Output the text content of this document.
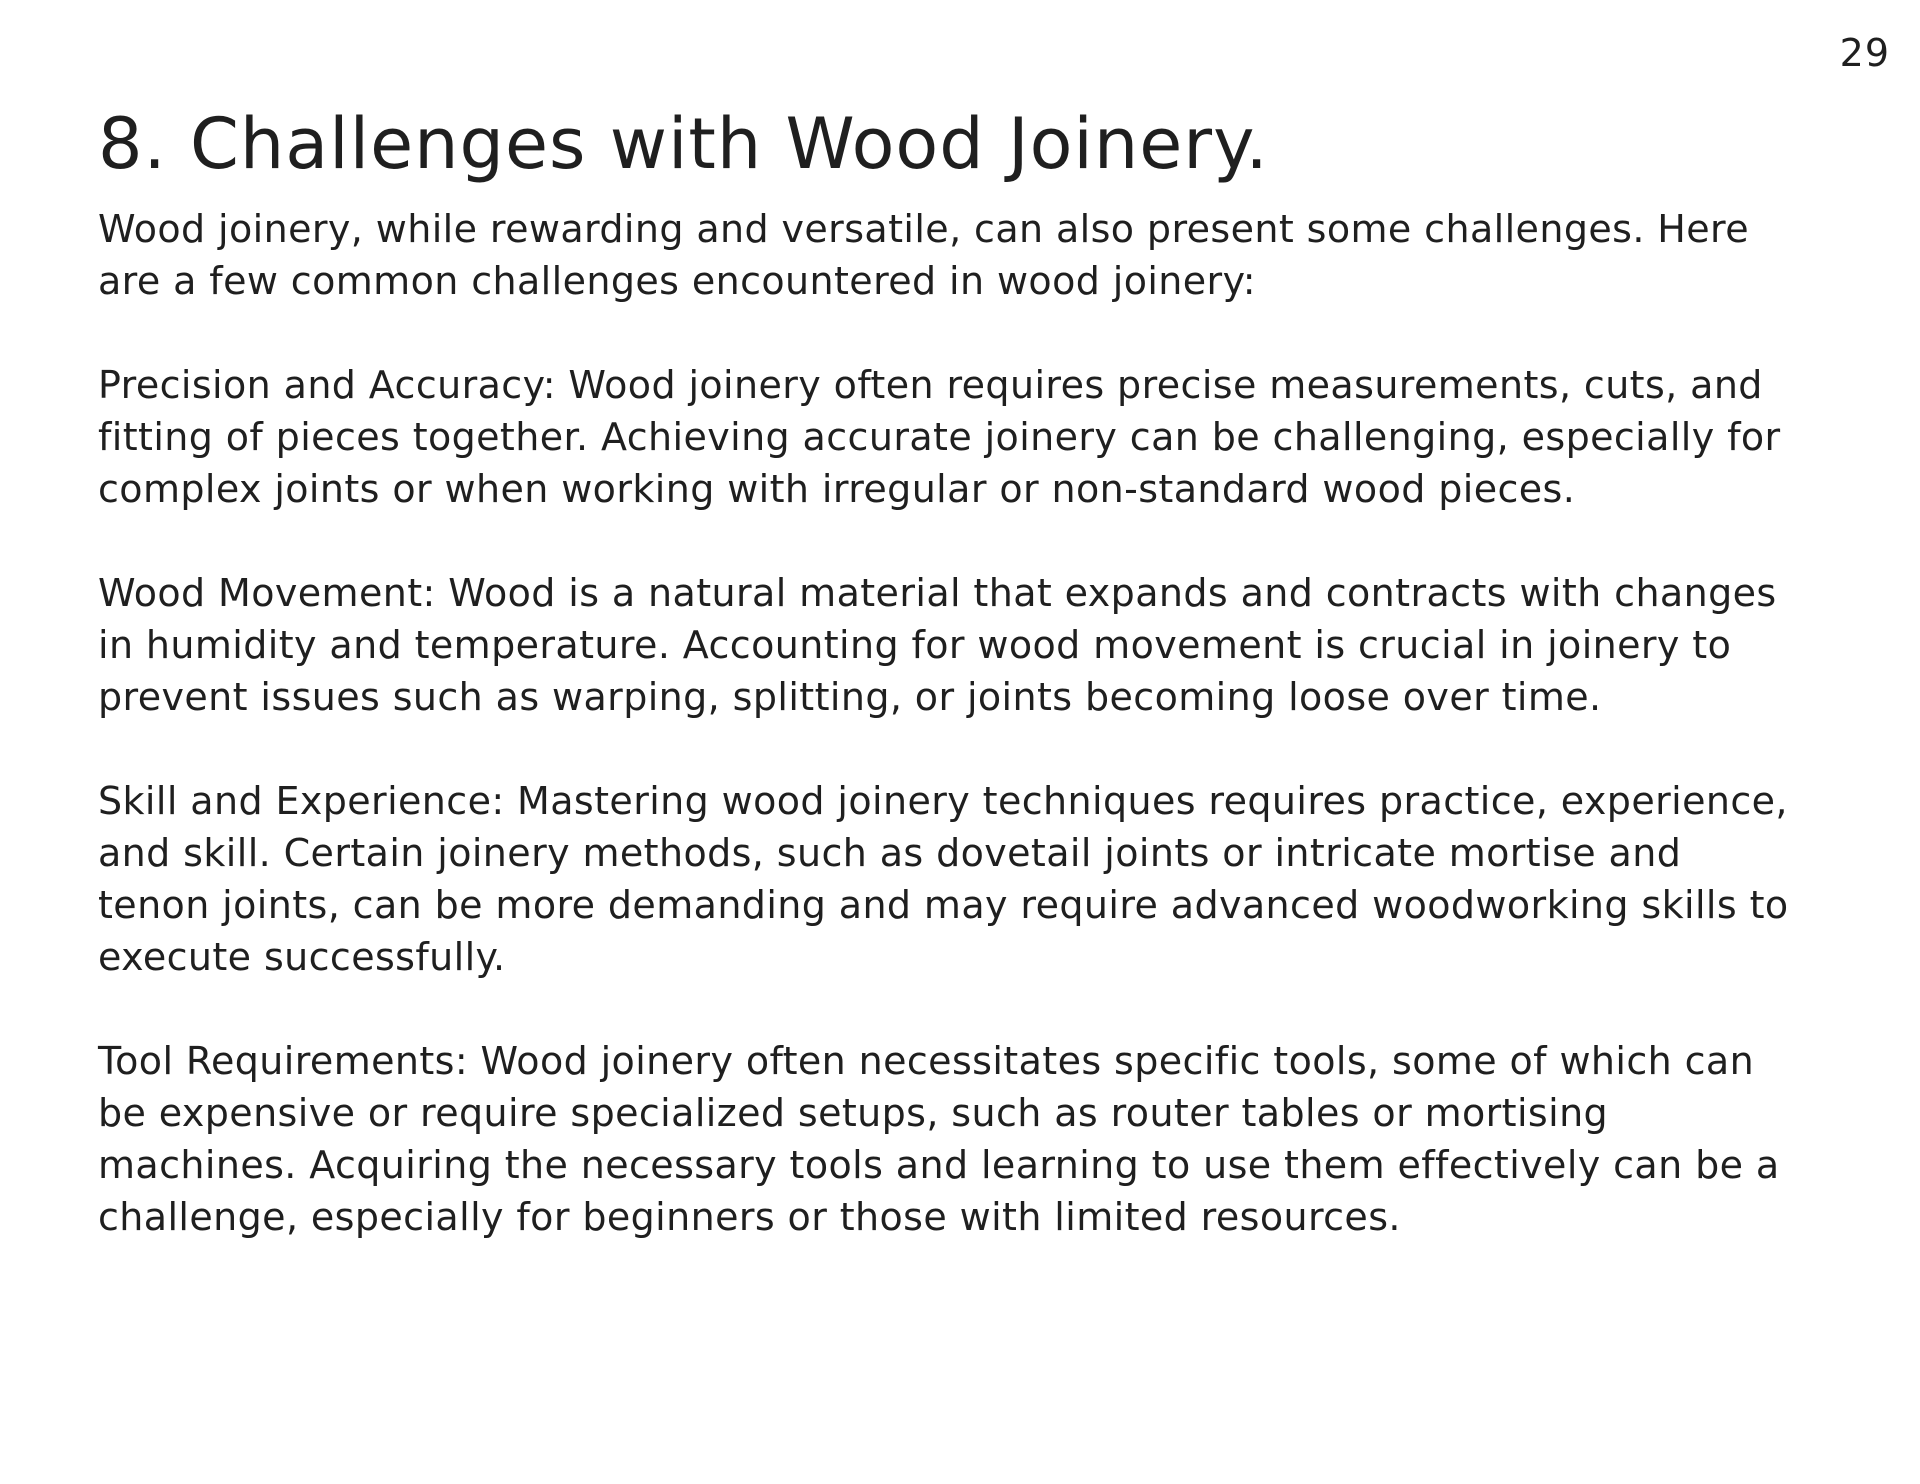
29
8. Challenges with Wood Joinery.

Wood joinery, while rewarding and versatile, can also present some challenges. Here are a few common challenges encountered in wood joinery:

Precision and Accuracy: Wood joinery often requires precise measurements, cuts, and fitting of pieces together. Achieving accurate joinery can be challenging, especially for complex joints or when working with irregular or non-standard wood pieces.

Wood Movement: Wood is a natural material that expands and contracts with changes in humidity and temperature. Accounting for wood movement is crucial in joinery to prevent issues such as warping, splitting, or joints becoming loose over time.

Skill and Experience: Mastering wood joinery techniques requires practice, experience, and skill. Certain joinery methods, such as dovetail joints or intricate mortise and tenon joints, can be more demanding and may require advanced woodworking skills to execute successfully.

Tool Requirements: Wood joinery often necessitates specific tools, some of which can be expensive or require specialized setups, such as router tables or mortising machines. Acquiring the necessary tools and learning to use them effectively can be a challenge, especially for beginners or those with limited resources.
